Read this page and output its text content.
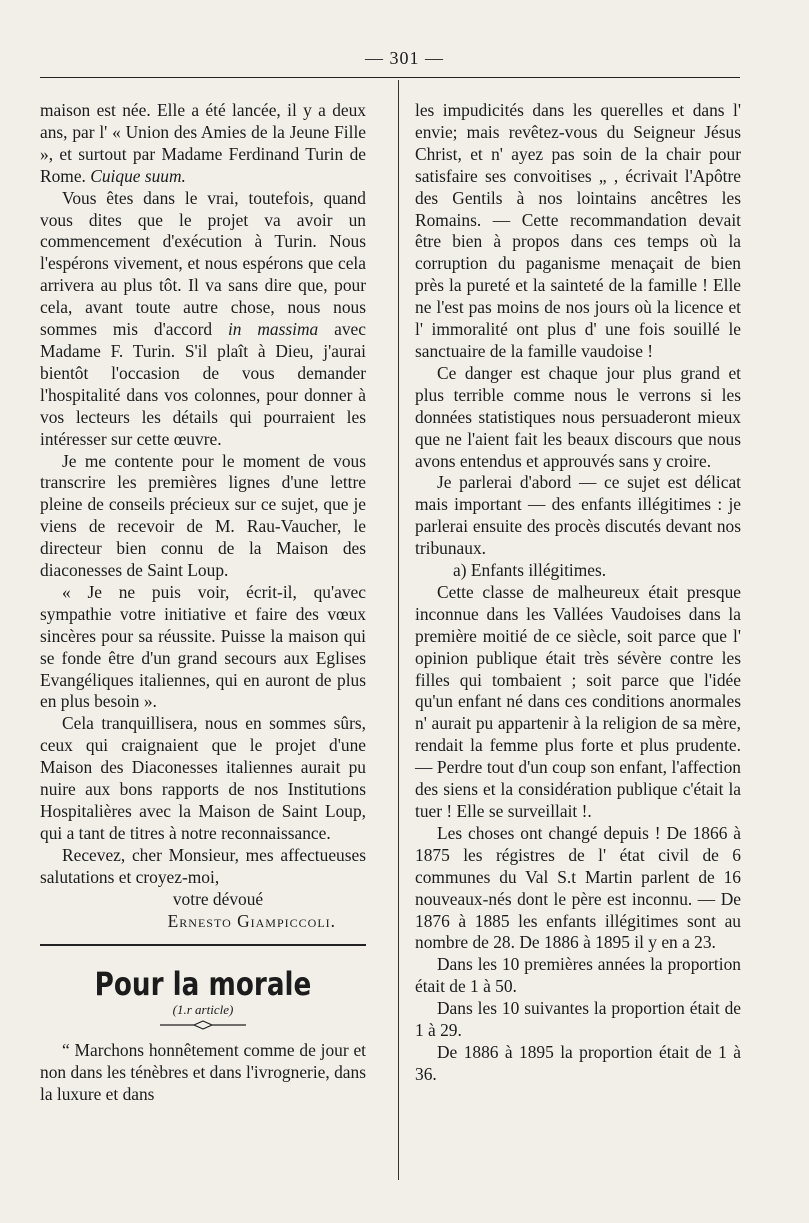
— 301 —

maison est née. Elle a été lancée, il y a deux ans, par l' « Union des Amies de la Jeune Fille », et surtout par Madame Ferdinand Turin de Rome. Cuique suum.

Vous êtes dans le vrai, toutefois, quand vous dites que le projet va avoir un commencement d'exécution à Turin. Nous l'espérons vivement, et nous espérons que cela arrivera au plus tôt. Il va sans dire que, pour cela, avant toute autre chose, nous nous sommes mis d'accord in massima avec Madame F. Turin. S'il plaît à Dieu, j'aurai bientôt l'occasion de vous demander l'hospitalité dans vos colonnes, pour donner à vos lecteurs les détails qui pourraient les intéresser sur cette œuvre.

Je me contente pour le moment de vous transcrire les premières lignes d'une lettre pleine de conseils précieux sur ce sujet, que je viens de recevoir de M. Rau-Vaucher, le directeur bien connu de la Maison des diaconesses de Saint Loup.

« Je ne puis voir, écrit-il, qu'avec sympathie votre initiative et faire des vœux sincères pour sa réussite. Puisse la maison qui se fonde être d'un grand secours aux Eglises Evangéliques italiennes, qui en auront de plus en plus besoin ».

Cela tranquillisera, nous en sommes sûrs, ceux qui craignaient que le projet d'une Maison des Diaconesses italiennes aurait pu nuire aux bons rapports de nos Institutions Hospitalières avec la Maison de Saint Loup, qui a tant de titres à notre reconnaissance.

Recevez, cher Monsieur, mes affectueuses salutations et croyez-moi,

votre dévoué

Ernesto Giampiccoli.

Pour la morale

(1.r article)

“ Marchons honnêtement comme de jour et non dans les ténèbres et dans l'ivrognerie, dans la luxure et dans

les impudicités dans les querelles et dans l' envie; mais revêtez-vous du Seigneur Jésus Christ, et n' ayez pas soin de la chair pour satisfaire ses convoitises „ , écrivait l'Apôtre des Gentils à nos lointains ancêtres les Romains. — Cette recommandation devait être bien à propos dans ces temps où la corruption du paganisme menaçait de bien près la pureté et la sainteté de la famille ! Elle ne l'est pas moins de nos jours où la licence et l' immoralité ont plus d' une fois souillé le sanctuaire de la famille vaudoise !

Ce danger est chaque jour plus grand et plus terrible comme nous le verrons si les données statistiques nous persuaderont mieux que ne l'aient fait les beaux discours que nous avons entendus et approuvés sans y croire.

Je parlerai d'abord — ce sujet est délicat mais important — des enfants illégitimes : je parlerai ensuite des procès discutés devant nos tribunaux.

a) Enfants illégitimes.

Cette classe de malheureux était presque inconnue dans les Vallées Vaudoises dans la première moitié de ce siècle, soit parce que l' opinion publique était très sévère contre les filles qui tombaient ; soit parce que l'idée qu'un enfant né dans ces conditions anormales n' aurait pu appartenir à la religion de sa mère, rendait la femme plus forte et plus prudente. — Perdre tout d'un coup son enfant, l'affection des siens et la considération publique c'était la tuer ! Elle se surveillait !.

Les choses ont changé depuis ! De 1866 à 1875 les régistres de l' état civil de 6 communes du Val S.t Martin parlent de 16 nouveaux-nés dont le père est inconnu. — De 1876 à 1885 les enfants illégitimes sont au nombre de 28. De 1886 à 1895 il y en a 23.

Dans les 10 premières années la proportion était de 1 à 50.

Dans les 10 suivantes la proportion était de 1 à 29.

De 1886 à 1895 la proportion était de 1 à 36.
